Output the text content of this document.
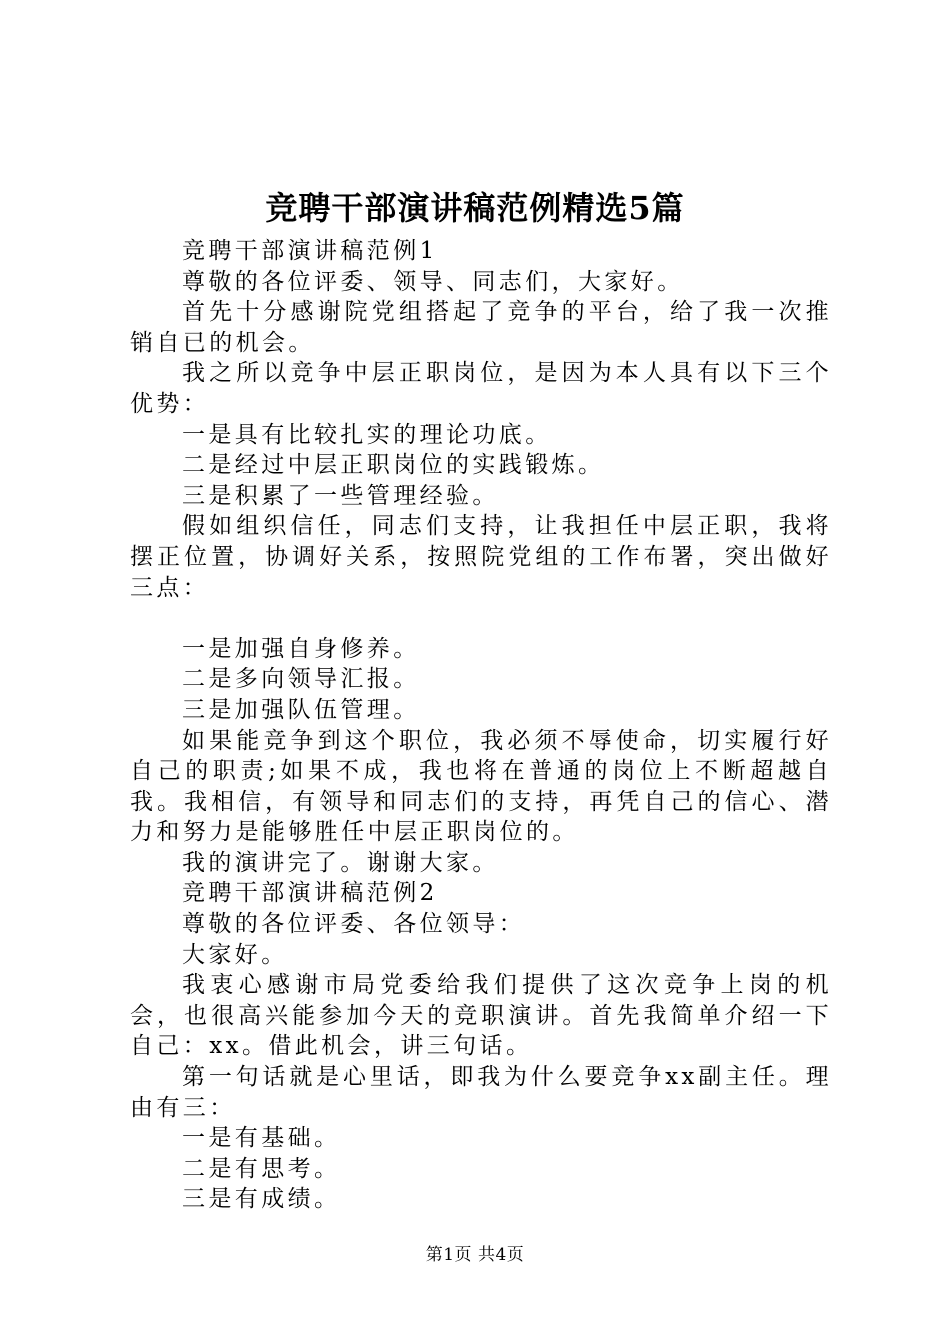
竞聘干部演讲稿范例精选5篇

竞聘干部演讲稿范例1

尊敬的各位评委、领导、同志们，大家好。

首先十分感谢院党组搭起了竞争的平台，给了我一次推销自已的机会。

我之所以竞争中层正职岗位，是因为本人具有以下三个优势：

一是具有比较扎实的理论功底。

二是经过中层正职岗位的实践锻炼。

三是积累了一些管理经验。

假如组织信任，同志们支持，让我担任中层正职，我将摆正位置，协调好关系，按照院党组的工作布署，突出做好三点：

一是加强自身修养。

二是多向领导汇报。

三是加强队伍管理。

如果能竞争到这个职位，我必须不辱使命，切实履行好自己的职责;如果不成，我也将在普通的岗位上不断超越自我。我相信，有领导和同志们的支持，再凭自己的信心、潜力和努力是能够胜任中层正职岗位的。

我的演讲完了。谢谢大家。

竞聘干部演讲稿范例2

尊敬的各位评委、各位领导：

大家好。

我衷心感谢市局党委给我们提供了这次竞争上岗的机会，也很高兴能参加今天的竞职演讲。首先我简单介绍一下自己：xx。借此机会，讲三句话。

第一句话就是心里话，即我为什么要竞争xx副主任。理由有三：

一是有基础。

二是有思考。

三是有成绩。

第1页 共4页
